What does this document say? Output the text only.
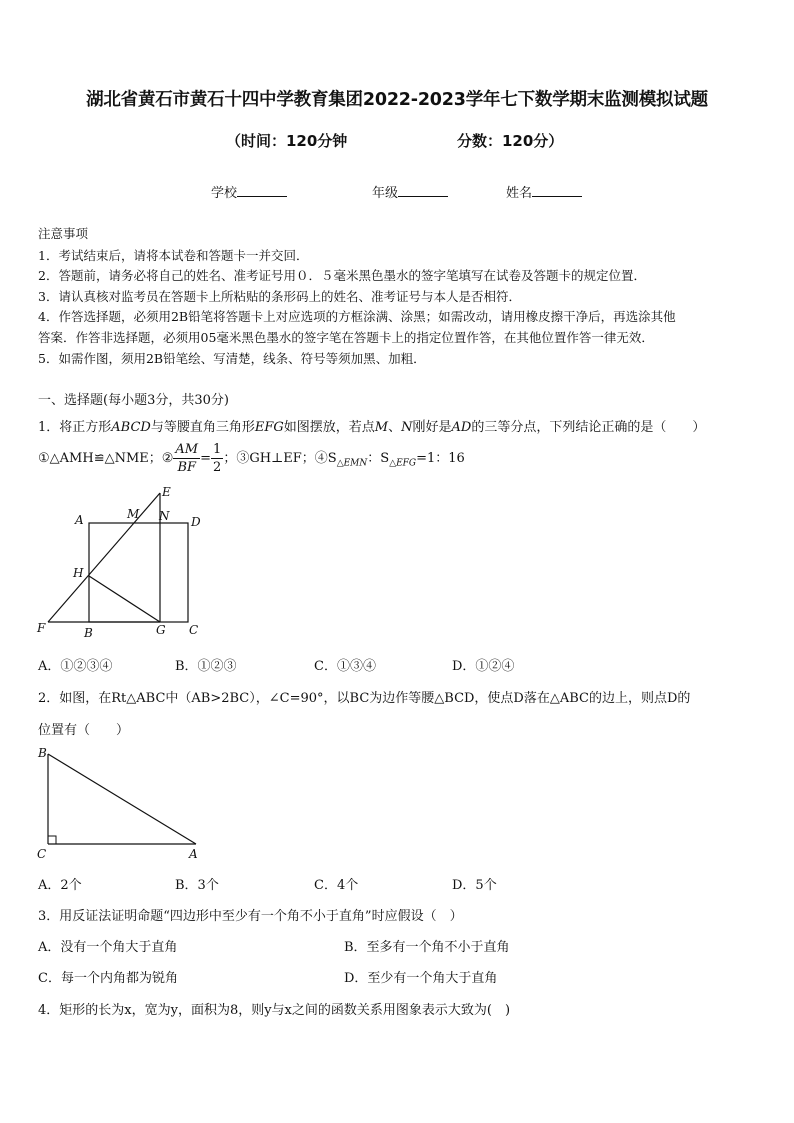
湖北省黄石市黄石十四中学教育集团2022-2023学年七下数学期末监测模拟试题
（时间：120分钟	分数：120分）
学校	年级	姓名
注意事项
1．考试结束后，请将本试卷和答题卡一并交回．
2．答题前，请务必将自己的姓名、准考证号用０．５毫米黑色墨水的签字笔填写在试卷及答题卡的规定位置．
3．请认真核对监考员在答题卡上所粘贴的条形码上的姓名、准考证号与本人是否相符．
4．作答选择题，必须用2B铅笔将答题卡上对应选项的方框涂满、涂黑；如需改动，请用橡皮擦干净后，再选涂其他
答案．作答非选择题，必须用05毫米黑色墨水的签字笔在答题卡上的指定位置作答，在其他位置作答一律无效．
5．如需作图，须用2B铅笔绘、写清楚，线条、符号等须加黑、加粗．
一、选择题(每小题3分，共30分)
1．将正方形ABCD与等腰直角三角形EFG如图摆放，若点M、N刚好是AD的三等分点，下列结论正确的是（　　）
①△AMH≌△NME；② $\frac{AM}{BF} = \frac{1}{2}$ ；③GH⊥EF；$④S_{\triangle EMN}$：$S_{\triangle EFG}=1$：16
A	M N D
E
H
F	B	G C
A．①②③④	B．①②③	C．①③④	D．①②④
2．如图，在Rt△ABC中（AB>2BC），∠C=90°，以BC为边作等腰△BCD，使点D落在△ABC的边上，则点D的
位置有（　　）
B
C	A
A．2个	B．3个	C．4个	D．5个
3．用反证法证明命题“四边形中至少有一个角不小于直角”时应假设（　）
A．没有一个角大于直角	B．至多有一个角不小于直角
C．每一个内角都为锐角	D．至少有一个角大于直角
4．矩形的长为x，宽为y，面积为8，则y与x之间的函数关系用图象表示大致为(　)
